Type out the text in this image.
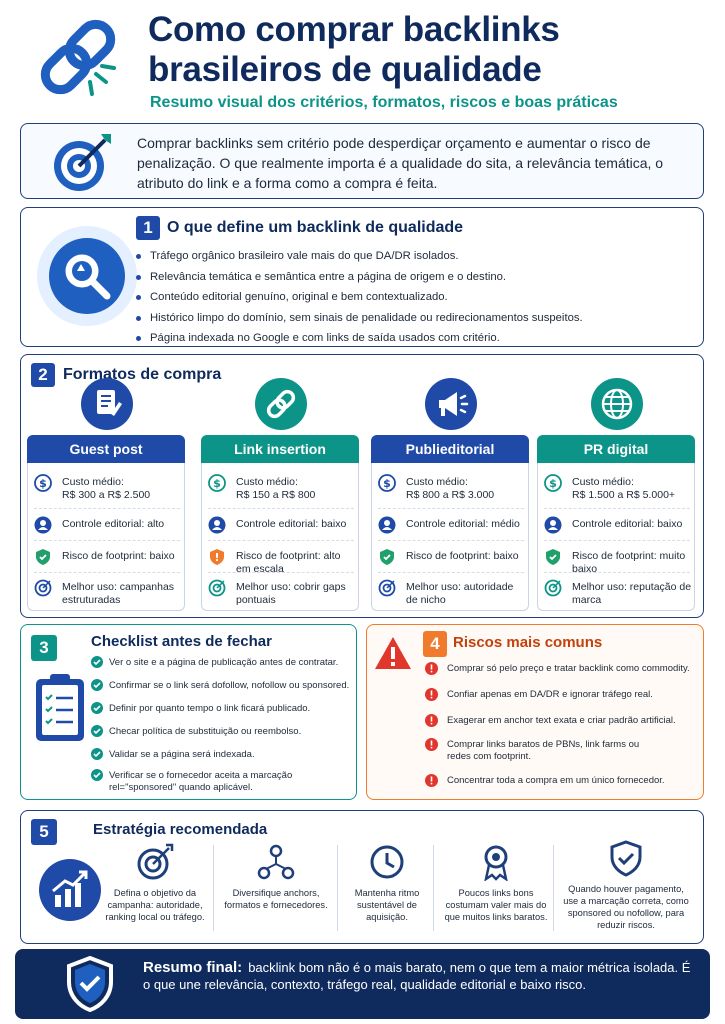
Como comprar backlinks
brasileiros de qualidade
Resumo visual dos critérios, formatos, riscos e boas práticas
Comprar backlinks sem critério pode desperdiçar orçamento e aumentar o risco de penalização. O que realmente importa é a qualidade do sita, a relevância temática, o atributo do link e a forma como a compra é feita.
1 O que define um backlink de qualidade
Tráfego orgânico brasileiro vale mais do que DA/DR isolados.
Relevância temática e semântica entre a página de origem e o destino.
Conteúdo editorial genuíno, original e bem contextualizado.
Histórico limpo do domínio, sem sinais de penalidade ou redirecionamentos suspeitos.
Página indexada no Google e com links de saída usados com critério.
2 Formatos de compra
Guest post
$ Custo médio:
R$ 300 a R$ 2.500
Controle editorial: alto
Risco de footprint: baixo
Melhor uso: campanhas estruturadas
Link insertion
$ Custo médio:
R$ 150 a R$ 800
Controle editorial: baixo
! Risco de footprint: alto em escala
Melhor uso: cobrir gaps pontuais
Publieditorial
$ Custo médio:
R$ 800 a R$ 3.000
Controle editorial: médio
Risco de footprint: baixo
Melhor uso: autoridade de nicho
PR digital
$ Custo médio:
R$ 1.500 a R$ 5.000+
Controle editorial: baixo
Risco de footprint: muito baixo
Melhor uso: reputação de marca
3	Checklist antes de fechar
Ver o site e a página de publicação antes de contratar.
Confirmar se o link será dofollow, nofollow ou sponsored.
Definir por quanto tempo o link ficará publicado.
Checar política de substituição ou reembolso.
Validar se a página será indexada.
Verificar se o fornecedor aceita a marcação rel="sponsored" quando aplicável.
4 Riscos mais comuns
Comprar só pelo preço e tratar backlink como commodity.
Confiar apenas em DA/DR e ignorar tráfego real.
Exagerar em anchor text exata e criar padrão artificial.
Comprar links baratos de PBNs, link farms ou redes com footprint.
Concentrar toda a compra em um único fornecedor.
5	Estratégia recomendada
Defina o objetivo da campanha: autoridade, ranking local ou tráfego.
Diversifique anchors, formatos e fornecedores.
Mantenha ritmo sustentável de aquisição.
Poucos links bons costumam valer mais do que muitos links baratos.
Quando houver pagamento, use a marcação correta, como sponsored ou nofollow, para reduzir riscos.
Resumo final: backlink bom não é o mais barato, nem o que tem a maior métrica isolada. É o que une relevância, contexto, tráfego real, qualidade editorial e baixo risco.
